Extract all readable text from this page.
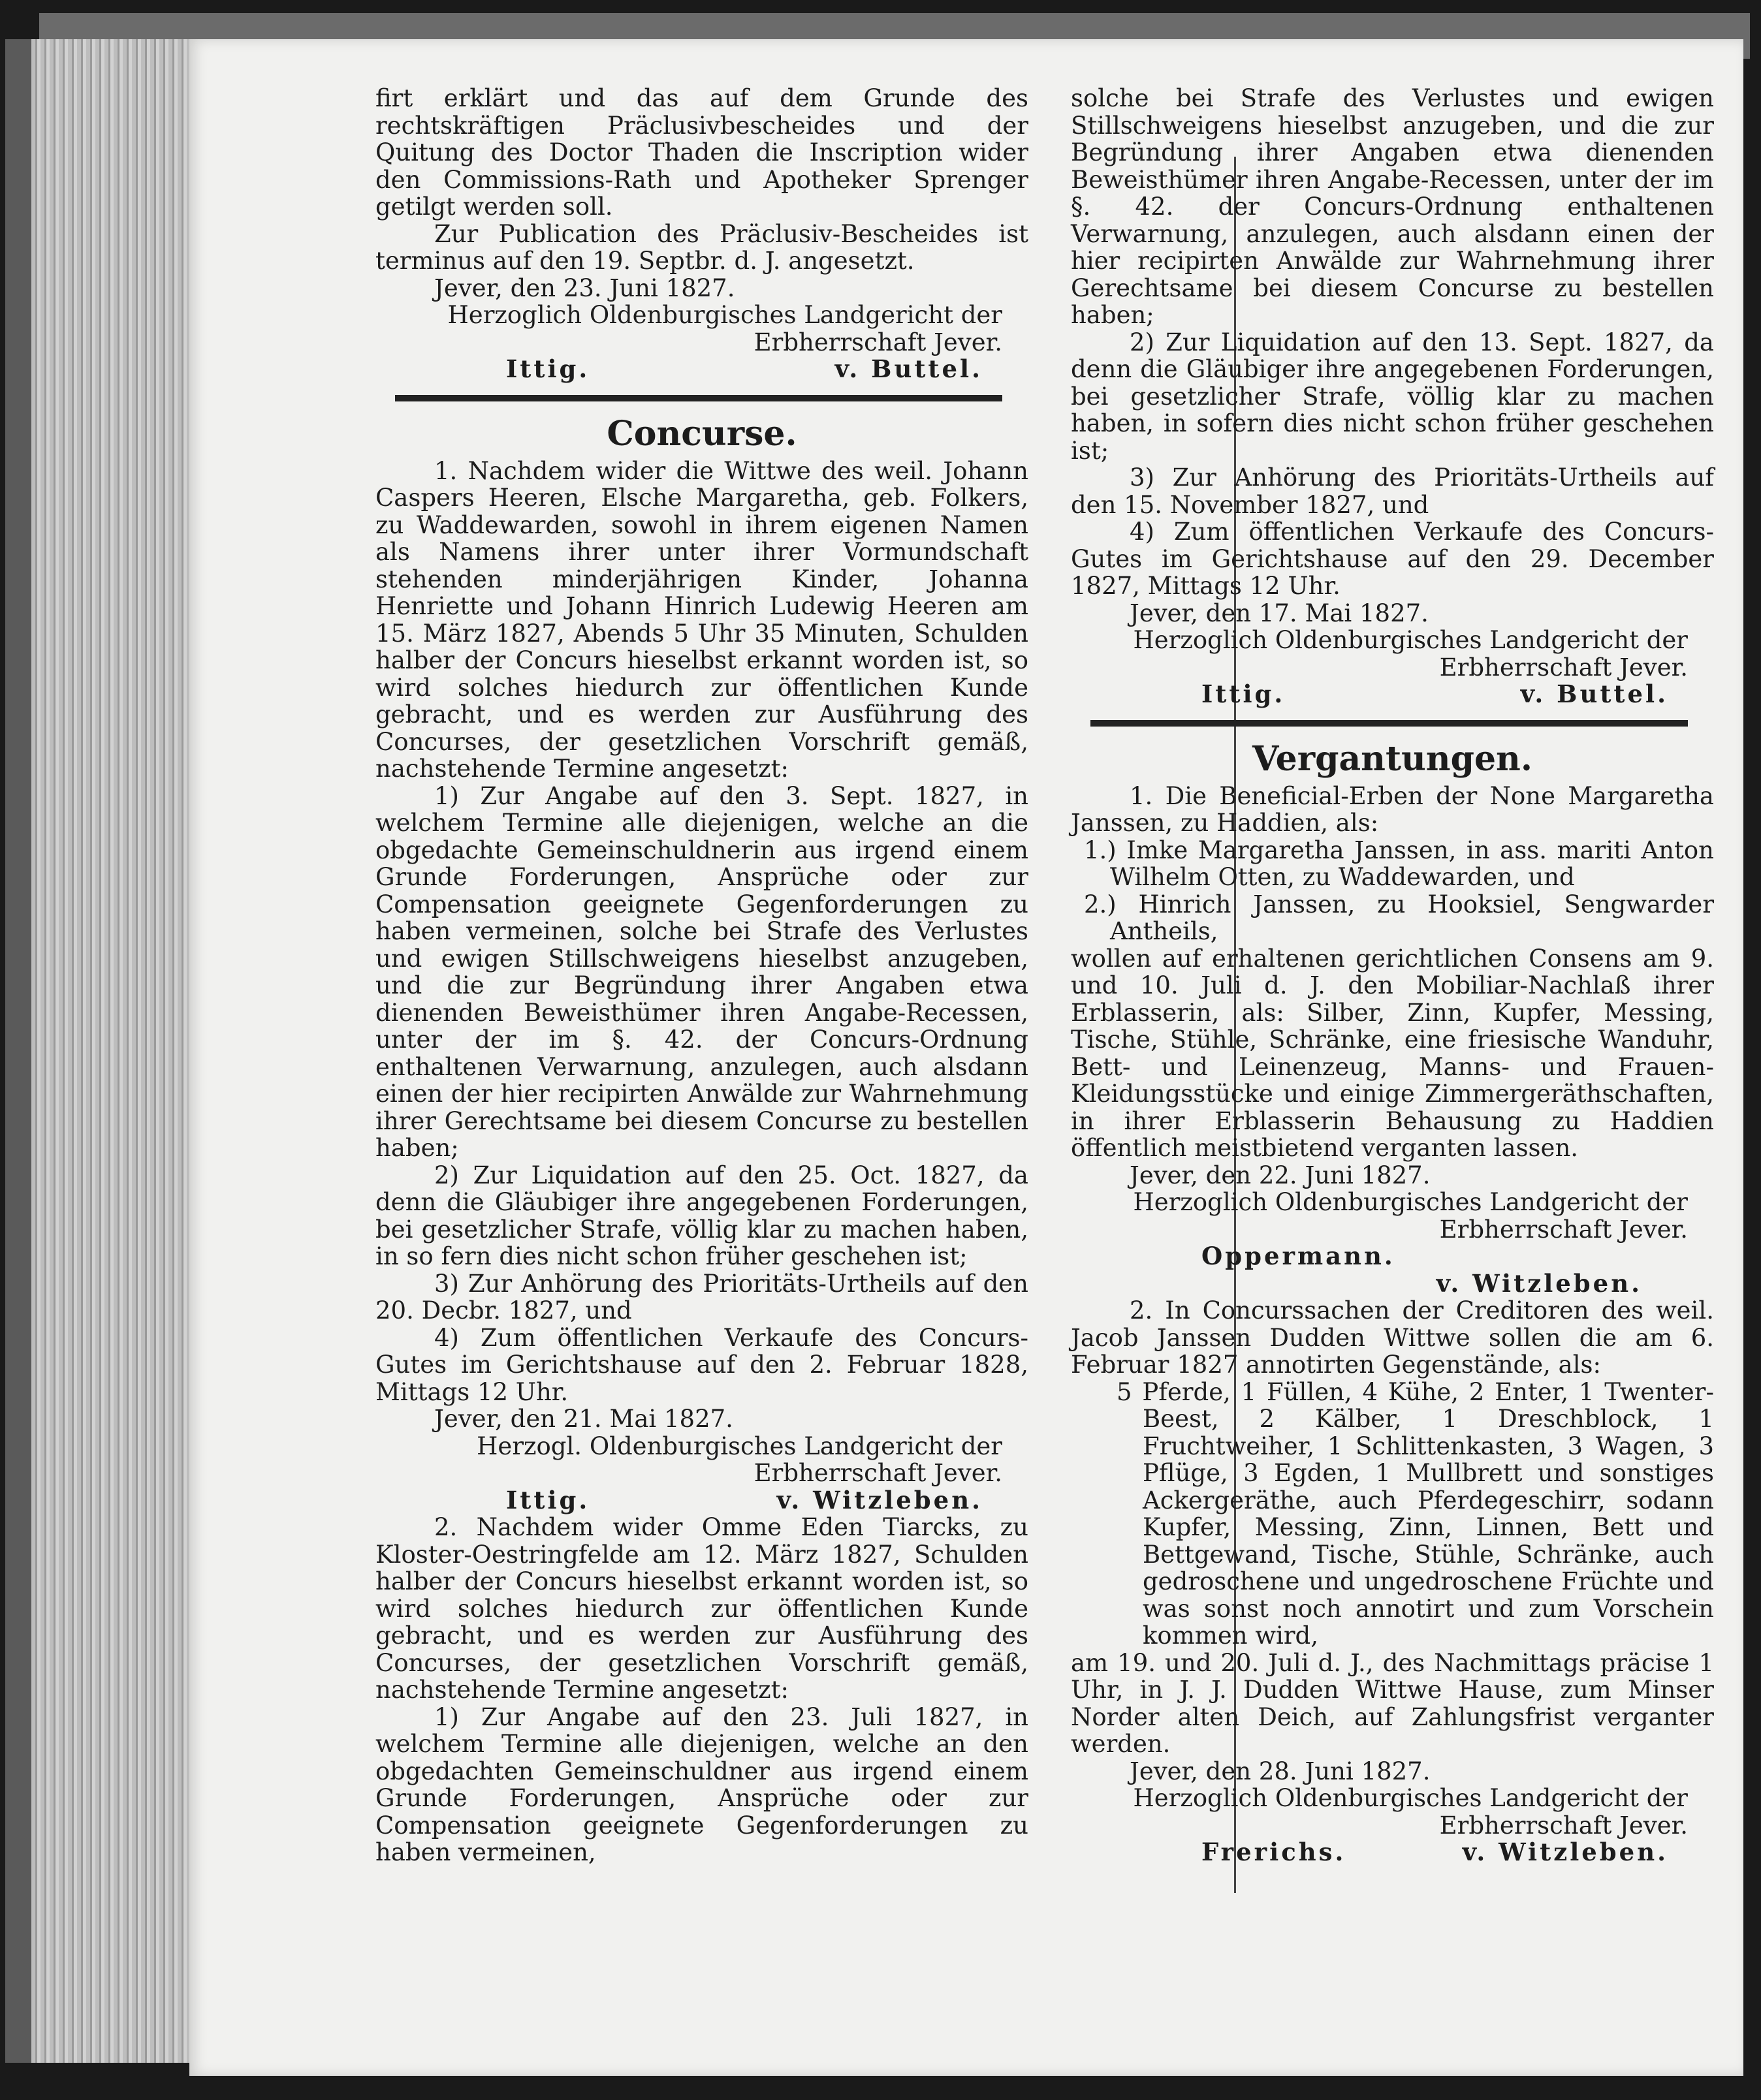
firt erklärt und das auf dem Grunde des rechtskräftigen Präclusivbescheides und der Quitung des Doctor Thaden die Inscription wider den Commissions-Rath und Apotheker Sprenger getilgt werden soll.

Zur Publication des Präclusiv-Bescheides ist terminus auf den 19. Septbr. d. J. angesetzt.

Jever, den 23. Juni 1827.

Herzoglich Oldenburgisches Landgericht der Erbherrschaft Jever.

Ittig.	v. Buttel.
Concurse.

1. Nachdem wider die Wittwe des weil. Johann Caspers Heeren, Elsche Margaretha, geb. Folkers, zu Waddewarden, sowohl in ihrem eigenen Namen als Namens ihrer unter ihrer Vormundschaft stehenden minderjährigen Kinder, Johanna Henriette und Johann Hinrich Ludewig Heeren am 15. März 1827, Abends 5 Uhr 35 Minuten, Schulden halber der Concurs hieselbst erkannt worden ist, so wird solches hiedurch zur öffentlichen Kunde gebracht, und es werden zur Ausführung des Concurses, der gesetzlichen Vorschrift gemäß, nachstehende Termine angesetzt:

1) Zur Angabe auf den 3. Sept. 1827, in welchem Termine alle diejenigen, welche an die obgedachte Gemeinschuldnerin aus irgend einem Grunde Forderungen, Ansprüche oder zur Compensation geeignete Gegenforderungen zu haben vermeinen, solche bei Strafe des Verlustes und ewigen Stillschweigens hieselbst anzugeben, und die zur Begründung ihrer Angaben etwa dienenden Beweisthümer ihren Angabe-Recessen, unter der im §. 42. der Concurs-Ordnung enthaltenen Verwarnung, anzulegen, auch alsdann einen der hier recipirten Anwälde zur Wahrnehmung ihrer Gerechtsame bei diesem Concurse zu bestellen haben;

2) Zur Liquidation auf den 25. Oct. 1827, da denn die Gläubiger ihre angegebenen Forderungen, bei gesetzlicher Strafe, völlig klar zu machen haben, in so fern dies nicht schon früher geschehen ist;

3) Zur Anhörung des Prioritäts-Urtheils auf den 20. Decbr. 1827, und

4) Zum öffentlichen Verkaufe des Concurs-Gutes im Gerichtshause auf den 2. Februar 1828, Mittags 12 Uhr.

Jever, den 21. Mai 1827.

Herzogl. Oldenburgisches Landgericht der Erbherrschaft Jever.

Ittig.	v. Witzleben.

2. Nachdem wider Omme Eden Tiarcks, zu Kloster-Oestringfelde am 12. März 1827, Schulden halber der Concurs hieselbst erkannt worden ist, so wird solches hiedurch zur öffentlichen Kunde gebracht, und es werden zur Ausführung des Concurses, der gesetzlichen Vorschrift gemäß, nachstehende Termine angesetzt:

1) Zur Angabe auf den 23. Juli 1827, in welchem Termine alle diejenigen, welche an den obgedachten Gemeinschuldner aus irgend einem Grunde Forderungen, Ansprüche oder zur Compensation geeignete Gegenforderungen zu haben vermeinen,

solche bei Strafe des Verlustes und ewigen Stillschweigens hieselbst anzugeben, und die zur Begründung ihrer Angaben etwa dienenden Beweisthümer ihren Angabe-Recessen, unter der im §. 42. der Concurs-Ordnung enthaltenen Verwarnung, anzulegen, auch alsdann einen der hier recipirten Anwälde zur Wahrnehmung ihrer Gerechtsame bei diesem Concurse zu bestellen haben;

2) Zur Liquidation auf den 13. Sept. 1827, da denn die Gläubiger ihre angegebenen Forderungen, bei gesetzlicher Strafe, völlig klar zu machen haben, in sofern dies nicht schon früher geschehen ist;

3) Zur Anhörung des Prioritäts-Urtheils auf den 15. November 1827, und

4) Zum öffentlichen Verkaufe des Concurs-Gutes im Gerichtshause auf den 29. December 1827, Mittags 12 Uhr.

Jever, den 17. Mai 1827.

Herzoglich Oldenburgisches Landgericht der Erbherrschaft Jever.

Ittig.	v. Buttel.
Vergantungen.

1. Die Beneficial-Erben der None Margaretha Janssen, zu Haddien, als:

1.) Imke Margaretha Janssen, in ass. mariti Anton Wilhelm Otten, zu Waddewarden, und

2.) Hinrich Janssen, zu Hooksiel, Sengwarder Antheils,

wollen auf erhaltenen gerichtlichen Consens am 9. und 10. Juli d. J. den Mobiliar-Nachlaß ihrer Erblasserin, als: Silber, Zinn, Kupfer, Messing, Tische, Stühle, Schränke, eine friesische Wanduhr, Bett- und Leinenzeug, Manns- und Frauen-Kleidungsstücke und einige Zimmergeräthschaften, in ihrer Erblasserin Behausung zu Haddien öffentlich meistbietend verganten lassen.

Jever, den 22. Juni 1827.

Herzoglich Oldenburgisches Landgericht der Erbherrschaft Jever.

Oppermann.

v. Witzleben.

2. In Concurssachen der Creditoren des weil. Jacob Janssen Dudden Wittwe sollen die am 6. Februar 1827 annotirten Gegenstände, als:

5 Pferde, 1 Füllen, 4 Kühe, 2 Enter, 1 Twenter-Beest, 2 Kälber, 1 Dreschblock, 1 Fruchtweiher, 1 Schlittenkasten, 3 Wagen, 3 Pflüge, 3 Egden, 1 Mullbrett und sonstiges Ackergeräthe, auch Pferdegeschirr, sodann Kupfer, Messing, Zinn, Linnen, Bett und Bettgewand, Tische, Stühle, Schränke, auch gedroschene und ungedroschene Früchte und was sonst noch annotirt und zum Vorschein kommen wird,

am 19. und 20. Juli d. J., des Nachmittags präcise 1 Uhr, in J. J. Dudden Wittwe Hause, zum Minser Norder alten Deich, auf Zahlungsfrist verganter werden.

Jever, den 28. Juni 1827.

Herzoglich Oldenburgisches Landgericht der Erbherrschaft Jever.

Frerichs.	v. Witzleben.
